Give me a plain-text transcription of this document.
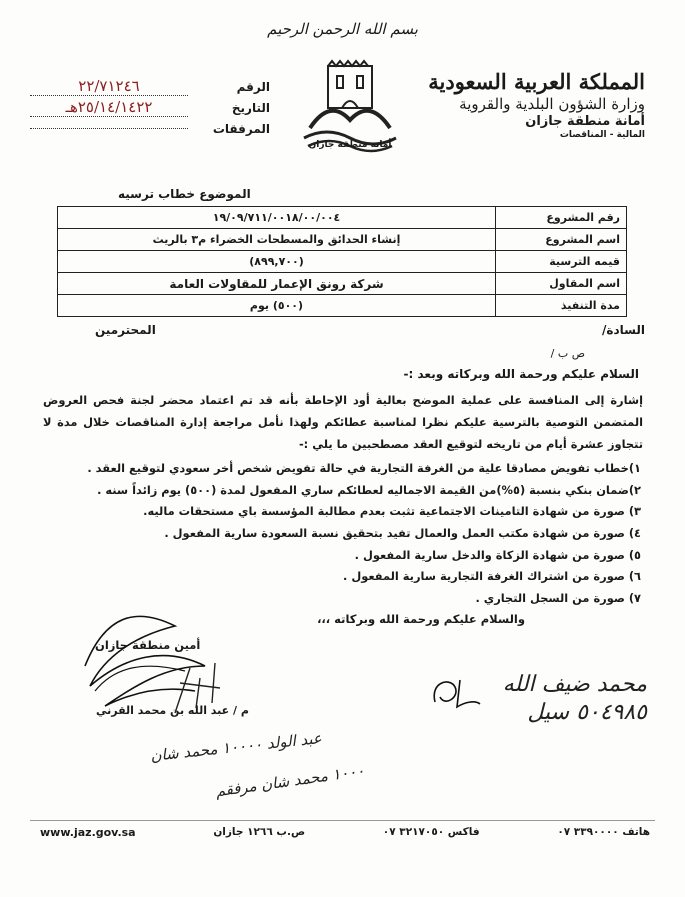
بسم الله الرحمن الرحيم
المملكة العربية السعودية
وزارة الشؤون البلدية والقروية
أمانة منطقة جازان
المالية - المناقصات
أمانة منطقة جازان
الرقم
٢٢/٧١٢٤٦
التاريخ
٢٥/١٤/١٤٢٢هـ
المرفقات
الموضوع خطاب ترسيه
رقم المشروع	١٩/٠٩/٧١١/٠٠١٨/٠٠/٠٠٤
اسم المشروع	إنشاء الحدائق والمسطحات الخضراء م٣ بالريث
قيمه الترسية	(٨٩٩,٧٠٠)
اسم المقاول	شركة رونق الإعمار للمقاولات العامة
مدة التنفيذ	(٥٠٠) يوم
السادة/
ص ب /
المحترمين
السلام عليكم ورحمة الله وبركاته وبعد :-
إشارة إلى المنافسة على عملية الموضح بعالية أود الإحاطة بأنه قد تم اعتماد محضر لجنة فحص العروض المتضمن التوصية بالترسية عليكم نظرا لمناسبة عطائكم ولهذا نأمل مراجعة إدارة المناقصات خلال مدة لا تتجاوز عشرة أيام من تاريخه لتوقيع العقد مصطحبين ما يلي :-
١)خطاب تفويض مصادقا علية من الغرفة التجارية في حالة تفويض شخص أخر سعودي لتوقيع العقد .
٢)ضمان بنكي بنسبة (٥%)من القيمة الاجماليه لعطائكم ساري المفعول لمدة (٥٠٠) يوم زائداً سنه .
٣) صورة من شهادة التامينات الاجتماعية تثبت بعدم مطالبة المؤسسة باي مستحقات ماليه.
٤) صورة من شهادة مكتب العمل والعمال تفيد بتحقيق نسبة السعودة سارية المفعول .
٥) صورة من شهادة الزكاة والدخل سارية المفعول .
٦) صورة من اشتراك الغرفة التجارية سارية المفعول .
٧) صورة من السجل التجاري .
والسلام عليكم ورحمة الله وبركاته ،،،
أمين منطقة جازان
م / عبد الله بن محمد القرني
محمد ضيف الله
٥٠٤٩٨٥ سيل
عبد الولد ١٠٠٠٠ محمد شان
١٠٠٠ محمد شان مرفقم
هاتف ٣٣٩٠٠٠٠ ٠٧
فاكس ٣٢١٧٠٥٠ ٠٧
ص.ب ١٢٦٦ جازان
www.jaz.gov.sa
